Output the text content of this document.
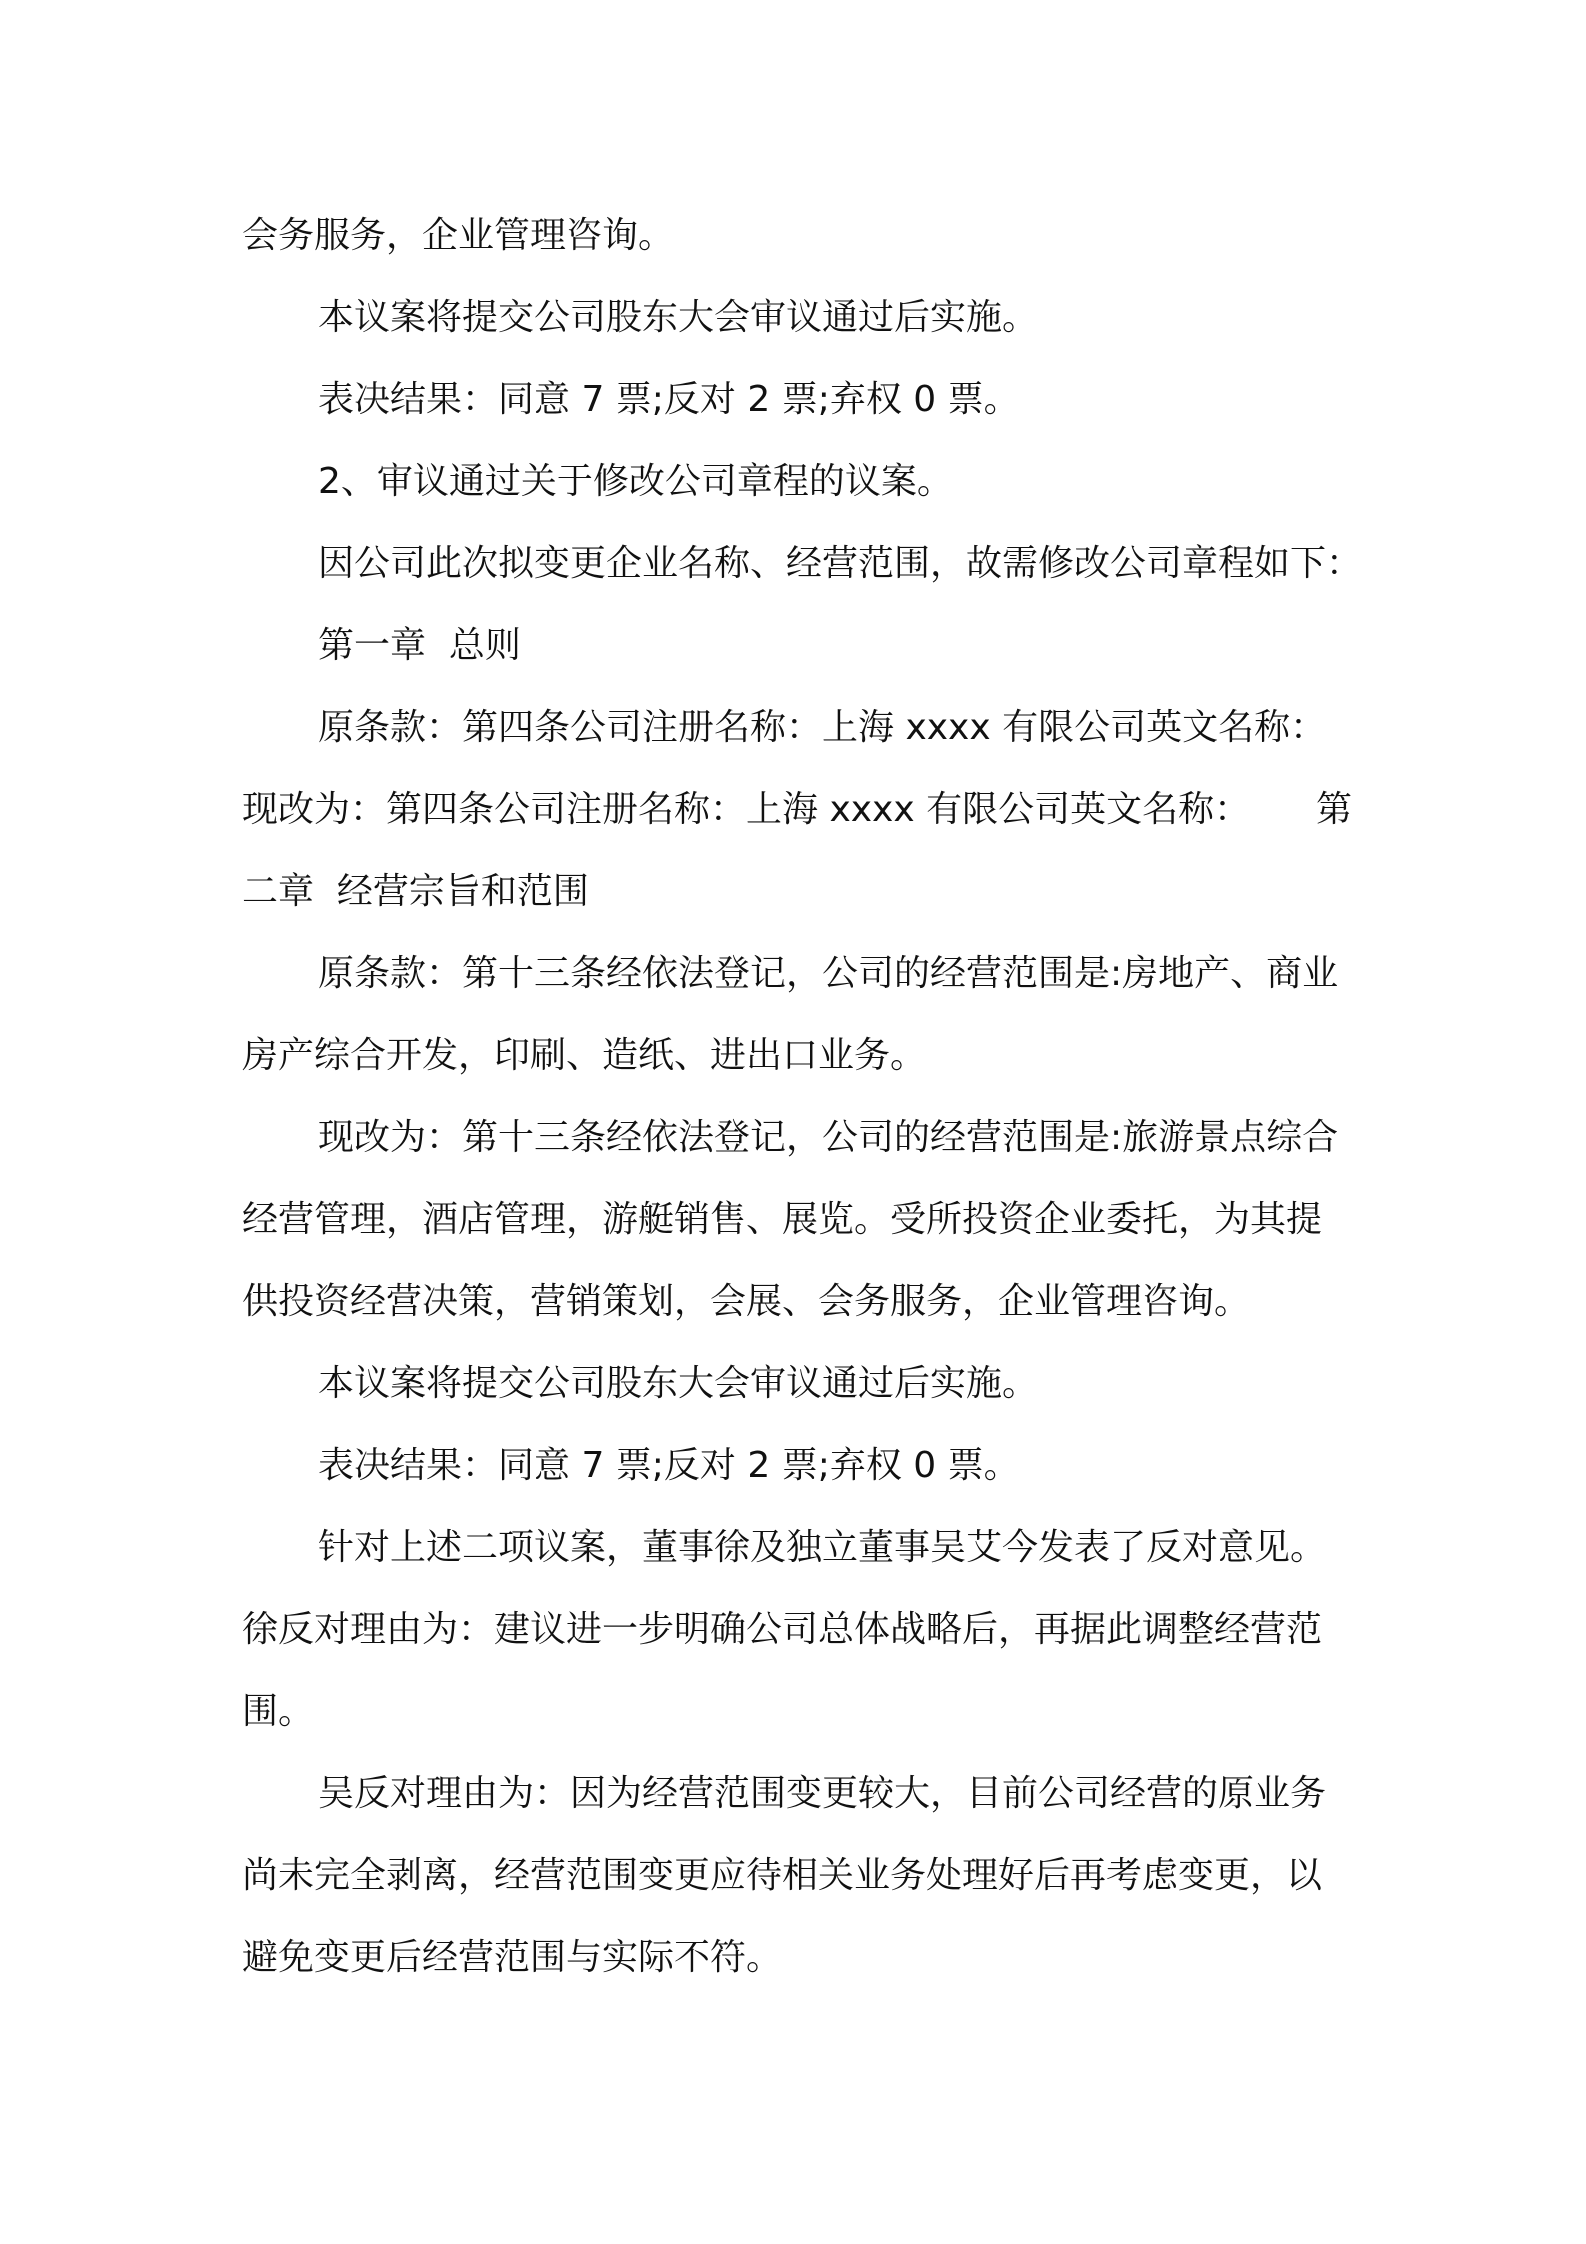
会务服务，企业管理咨询。
本议案将提交公司股东大会审议通过后实施。
表决结果：同意 7 票;反对 2 票;弃权 0 票。
2、审议通过关于修改公司章程的议案。
因公司此次拟变更企业名称、经营范围，故需修改公司章程如下：
第一章  总则
原条款：第四条公司注册名称：上海 xxxx 有限公司英文名称：
现改为：第四条公司注册名称：上海 xxxx 有限公司英文名称： 第
二章  经营宗旨和范围
原条款：第十三条经依法登记，公司的经营范围是:房地产、商业
房产综合开发，印刷、造纸、进出口业务。
现改为：第十三条经依法登记，公司的经营范围是:旅游景点综合
经营管理，酒店管理，游艇销售、展览。受所投资企业委托，为其提
供投资经营决策，营销策划，会展、会务服务，企业管理咨询。
本议案将提交公司股东大会审议通过后实施。
表决结果：同意 7 票;反对 2 票;弃权 0 票。
针对上述二项议案，董事徐及独立董事吴艾今发表了反对意见。
徐反对理由为：建议进一步明确公司总体战略后，再据此调整经营范
围。
吴反对理由为：因为经营范围变更较大，目前公司经营的原业务
尚未完全剥离，经营范围变更应待相关业务处理好后再考虑变更，以
避免变更后经营范围与实际不符。
